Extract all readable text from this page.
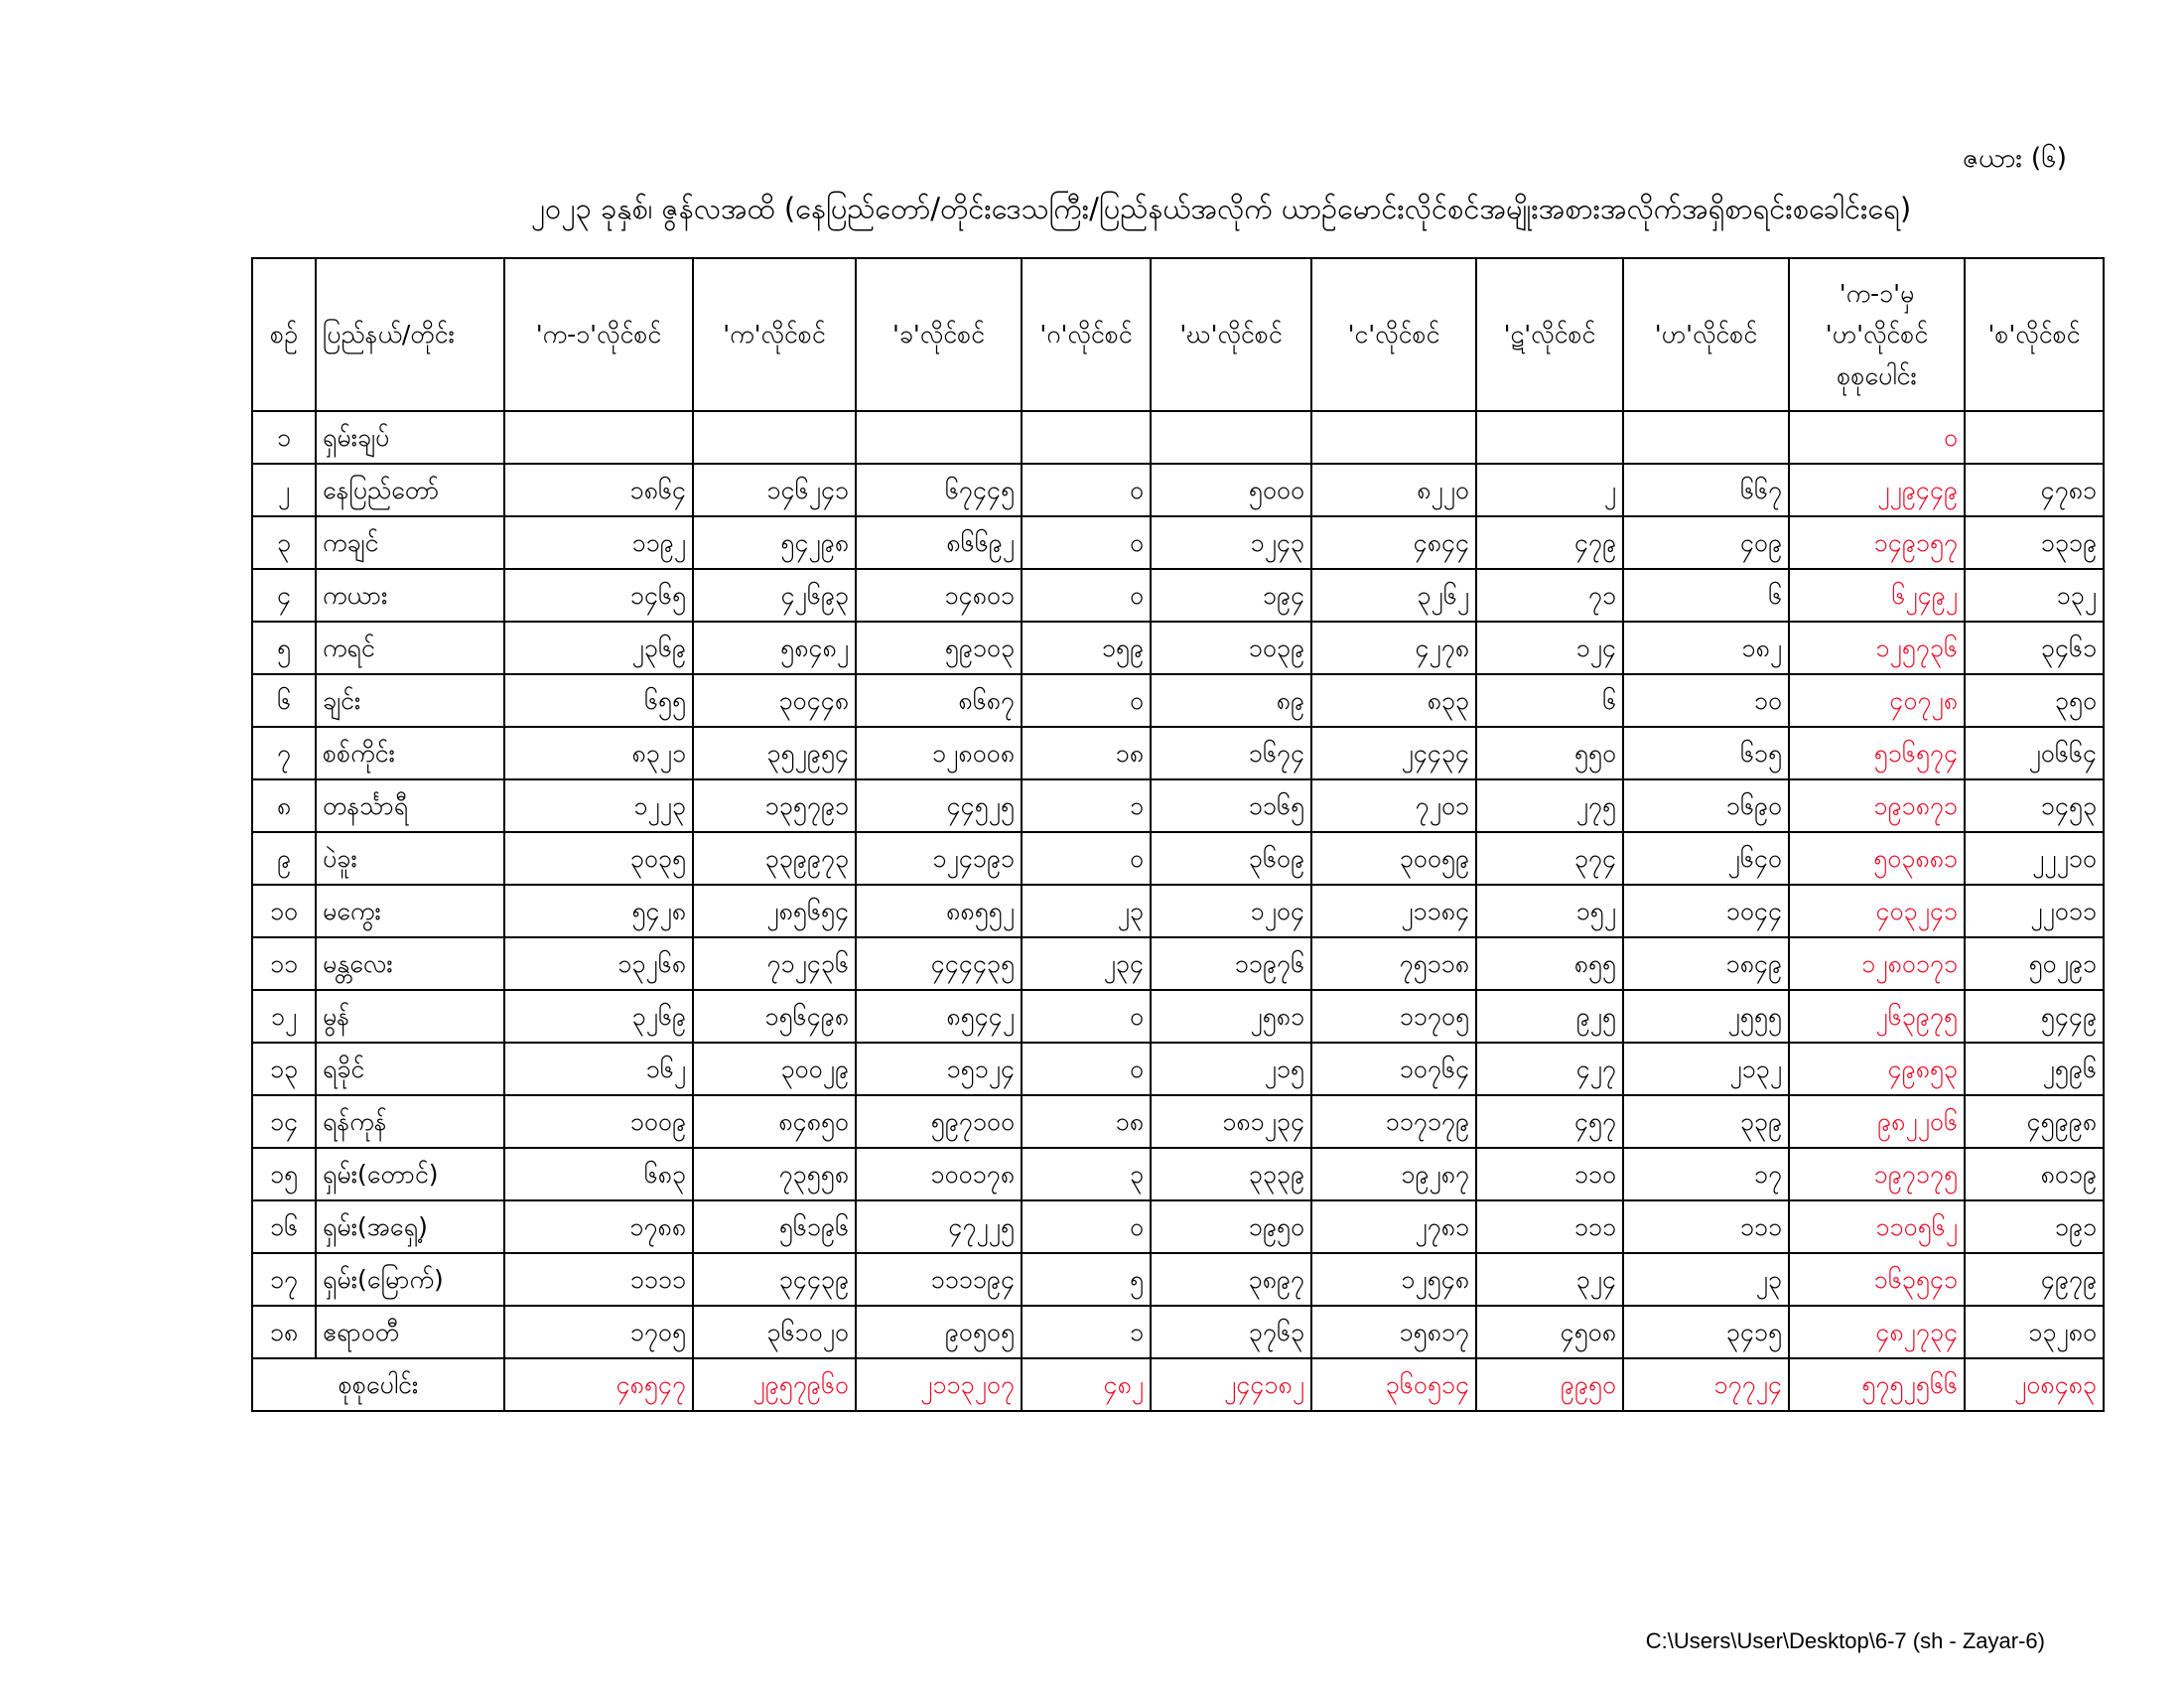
ဇယား (၆)
၂၀၂၃ ခုနှစ်၊ ဇွန်လအထိ (နေပြည်တော်/တိုင်းဒေသကြီး/ပြည်နယ်အလိုက် ယာဉ်မောင်းလိုင်စင်အမျိုးအစားအလိုက်အရှိစာရင်းစခေါင်းရေ)
စဉ်	ပြည်နယ်/တိုင်း	'က-၁'လိုင်စင်	'က'လိုင်စင်	'ခ'လိုင်စင်	'ဂ'လိုင်စင်	'ဃ'လိုင်စင်	'င'လိုင်စင်	'ဋ'လိုင်စင်	'ဟ'လိုင်စင်	'က-၁'မှ 'ဟ'လိုင်စင် စုစုပေါင်း	'စ'လိုင်စင်
၁	ရှမ်းချပ်									၀	
၂	နေပြည်တော်	၁၈၆၄	၁၄၆၂၄၁	၆၇၄၄၅	၀	၅၀၀၀	၈၂၂၀	၂	၆၆၇	၂၂၉၄၄၉	၄၇၈၁
၃	ကချင်	၁၁၉၂	၅၄၂၉၈	၈၆၆၉၂	၀	၁၂၄၃	၄၈၄၄	၄၇၉	၄၀၉	၁၄၉၁၅၇	၁၃၁၉
၄	ကယား	၁၄၆၅	၄၂၆၉၃	၁၄၈၀၁	၀	၁၉၄	၃၂၆၂	၇၁	၆	၆၂၄၉၂	၁၃၂
၅	ကရင်	၂၃၆၉	၅၈၄၈၂	၅၉၁၀၃	၁၅၉	၁၀၃၉	၄၂၇၈	၁၂၄	၁၈၂	၁၂၅၇၃၆	၃၄၆၁
၆	ချင်း	၆၅၅	၃၀၄၄၈	၈၆၈၇	၀	၈၉	၈၃၃	၆	၁၀	၄၀၇၂၈	၃၅၀
၇	စစ်ကိုင်း	၈၃၂၁	၃၅၂၉၅၄	၁၂၈၀၀၈	၁၈	၁၆၇၄	၂၄၄၃၄	၅၅၀	၆၁၅	၅၁၆၅၇၄	၂၀၆၆၄
၈	တနင်္သာရီ	၁၂၂၃	၁၃၅၇၉၁	၄၄၅၂၅	၁	၁၁၆၅	၇၂၀၁	၂၇၅	၁၆၉၀	၁၉၁၈၇၁	၁၄၅၃
၉	ပဲခူး	၃၀၃၅	၃၃၉၉၇၃	၁၂၄၁၉၁	၀	၃၆၀၉	၃၀၀၅၉	၃၇၄	၂၆၄၀	၅၀၃၈၈၁	၂၂၂၁၀
၁၀	မကွေး	၅၄၂၈	၂၈၅၆၅၄	၈၈၅၅၂	၂၃	၁၂၀၄	၂၁၁၈၄	၁၅၂	၁၀၄၄	၄၀၃၂၄၁	၂၂၀၁၁
၁၁	မန္တလေး	၁၃၂၆၈	၇၁၂၄၃၆	၄၄၄၄၃၅	၂၃၄	၁၁၉၇၆	၇၅၁၁၈	၈၅၅	၁၈၄၉	၁၂၈၀၁၇၁	၅၀၂၉၁
၁၂	မွန်	၃၂၆၉	၁၅၆၄၉၈	၈၅၄၄၂	၀	၂၅၈၁	၁၁၇၀၅	၉၂၅	၂၅၅၅	၂၆၃၉၇၅	၅၄၄၉
၁၃	ရခိုင်	၁၆၂	၃၀၀၂၉	၁၅၁၂၄	၀	၂၁၅	၁၀၇၆၄	၄၂၇	၂၁၃၂	၄၉၈၅၃	၂၅၉၆
၁၄	ရန်ကုန်	၁၀၀၉	၈၄၈၅၀	၅၉၇၁၀၀	၁၈	၁၈၁၂၃၄	၁၁၇၁၇၉	၄၅၇	၃၃၉	၉၈၂၂၀၆	၄၅၉၉၈
၁၅	ရှမ်း(တောင်)	၆၈၃	၇၃၅၅၈	၁၀၀၁၇၈	၃	၃၃၃၉	၁၉၂၈၇	၁၁၀	၁၇	၁၉၇၁၇၅	၈၀၁၉
၁၆	ရှမ်း(အရှေ့)	၁၇၈၈	၅၆၁၉၆	၄၇၂၂၅	၀	၁၉၅၀	၂၇၈၁	၁၁၁	၁၁၁	၁၁၀၅၆၂	၁၉၁
၁၇	ရှမ်း(မြောက်)	၁၁၁၁	၃၄၄၃၉	၁၁၁၁၉၄	၅	၃၈၉၇	၁၂၅၄၈	၃၂၄	၂၃	၁၆၃၅၄၁	၄၉၇၉
၁၈	ဧရာဝတီ	၁၇၀၅	၃၆၁၀၂၀	၉၀၅၀၅	၁	၃၇၆၃	၁၅၈၁၇	၄၅၀၈	၃၄၁၅	၄၈၂၇၃၄	၁၃၂၈၀
စုစုပေါင်း		၄၈၅၄၇	၂၉၅၇၉၆၀	၂၁၁၃၂၀၇	၄၈၂	၂၄၄၁၈၂	၃၆၀၅၁၄	၉၉၅၀	၁၇၇၂၄	၅၇၅၂၅၆၆	၂၀၈၄၈၃
C:\Users\User\Desktop\6-7 (sh - Zayar-6)
